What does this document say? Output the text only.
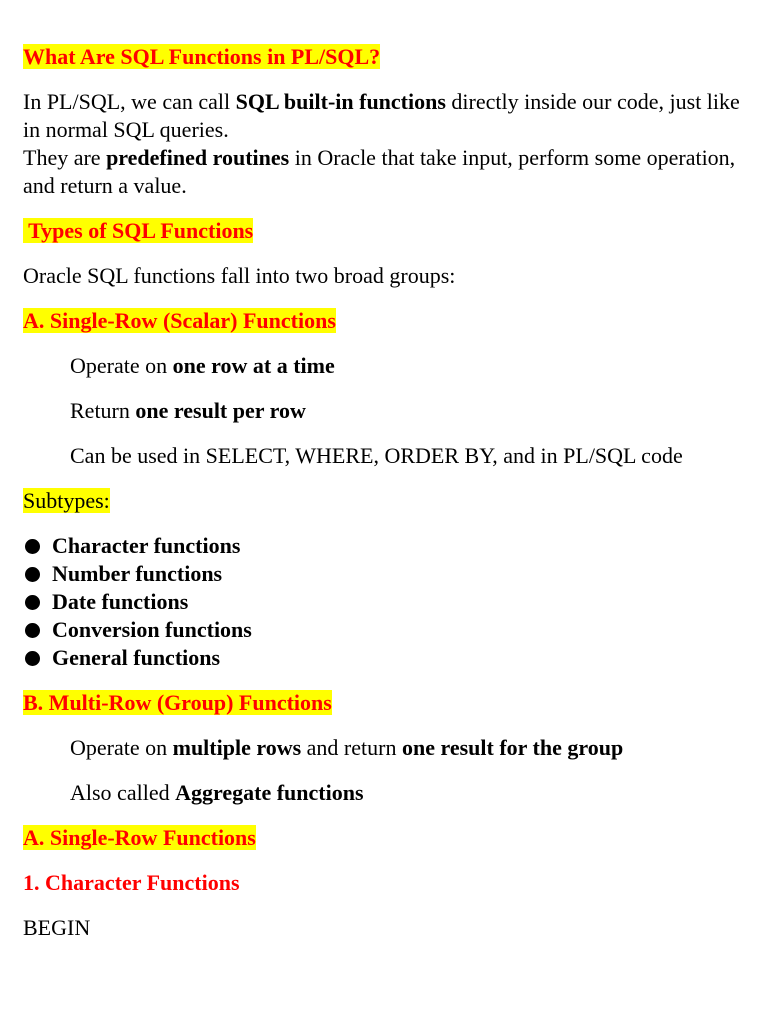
What Are SQL Functions in PL/SQL?

In PL/SQL, we can call SQL built-in functions directly inside our code, just like in normal SQL queries.
They are predefined routines in Oracle that take input, perform some operation, and return a value.

Types of SQL Functions

Oracle SQL functions fall into two broad groups:

A. Single-Row (Scalar) Functions

Operate on one row at a time

Return one result per row

Can be used in SELECT, WHERE, ORDER BY, and in PL/SQL code

Subtypes:

Character functions
Number functions
Date functions
Conversion functions
General functions

B. Multi-Row (Group) Functions

Operate on multiple rows and return one result for the group

Also called Aggregate functions

A. Single-Row Functions

1. Character Functions

BEGIN
